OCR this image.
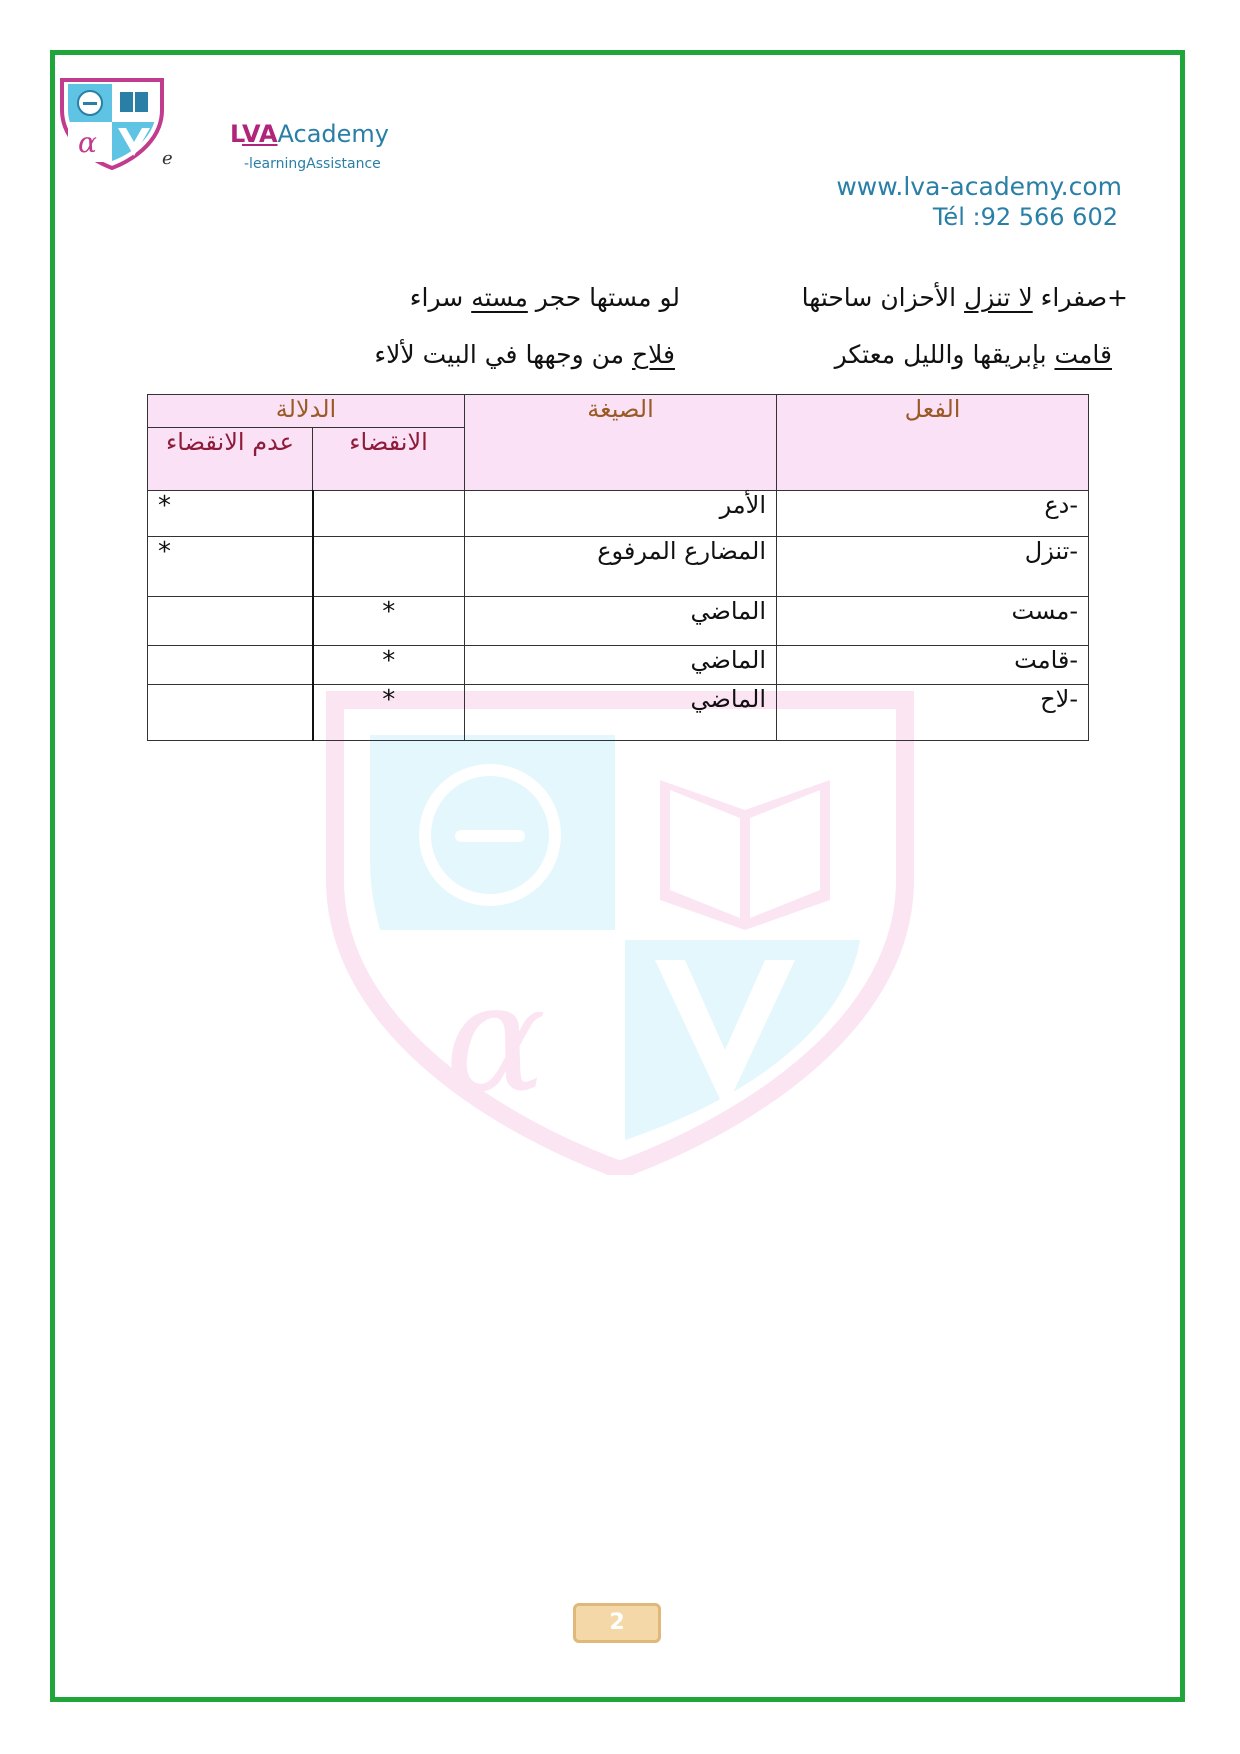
α	e
LVAAcademy
-learningAssistance
www.lva-academy.com
Tél :92 566 602
+صفراء لا تنزل الأحزان ساحتها
لو مستها حجر مسته سراء
قامت بإبريقها والليل معتكر
فلاح من وجهها في البيت لألاء
α
الفعل	الصيغة	الدلالة	
		الانقضاء	عدم الانقضاء
-دع	الأمر		*
-تنزل	المضارع المرفوع		*
-مست	الماضي	*	
-قامت	الماضي	*	
-لاح	الماضي	*	
2
